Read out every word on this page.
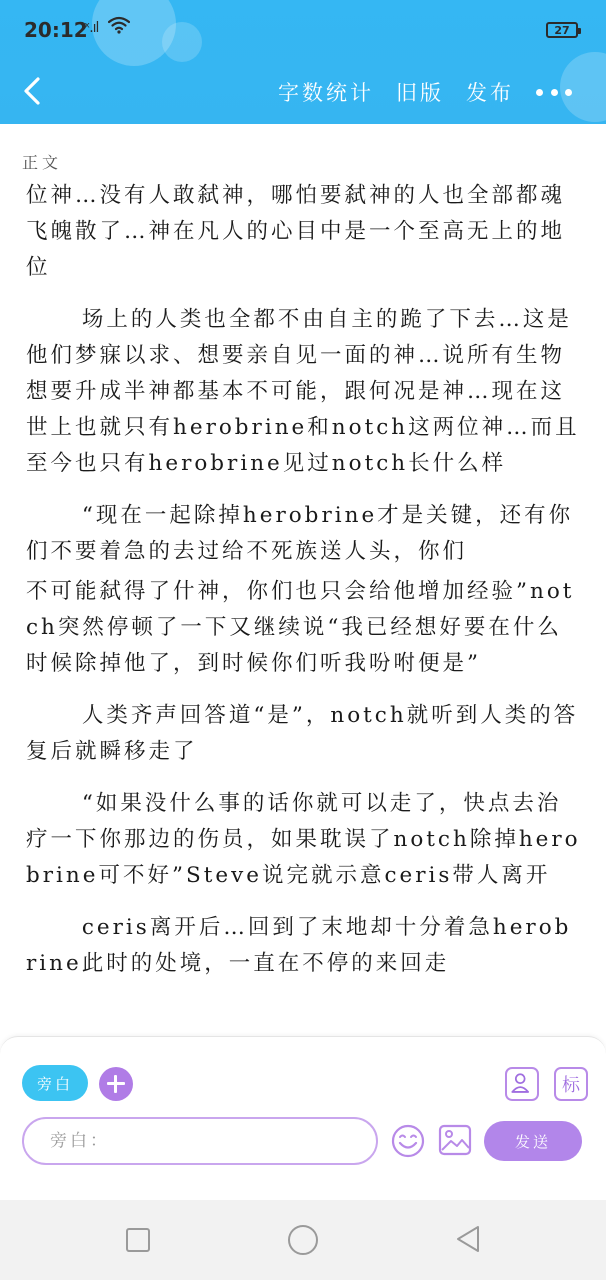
20:12
ˣ.ıl	27
字数统计 旧版 发布
正文

位神…没有人敢弑神，哪怕要弑神的人也全部都魂飞魄散了…神在凡人的心目中是一个至高无上的地位

场上的人类也全都不由自主的跪了下去…这是他们梦寐以求、想要亲自见一面的神…说所有生物想要升成半神都基本不可能，跟何况是神…现在这世上也就只有herobrine和notch这两位神…而且至今也只有herobrine见过notch长什么样

“现在一起除掉herobrine才是关键，还有你们不要着急的去过给不死族送人头，你们

不可能弑得了什神，你们也只会给他增加经验”notch突然停顿了一下又继续说“我已经想好要在什么时候除掉他了，到时候你们听我吩咐便是”

人类齐声回答道“是”，notch就听到人类的答复后就瞬移走了

“如果没什么事的话你就可以走了，快点去治疗一下你那边的伤员，如果耽误了notch除掉herobrine可不好”Steve说完就示意ceris带人离开

ceris离开后…回到了末地却十分着急herobrine此时的处境，一直在不停的来回走

旁白	标
旁白：
发送
